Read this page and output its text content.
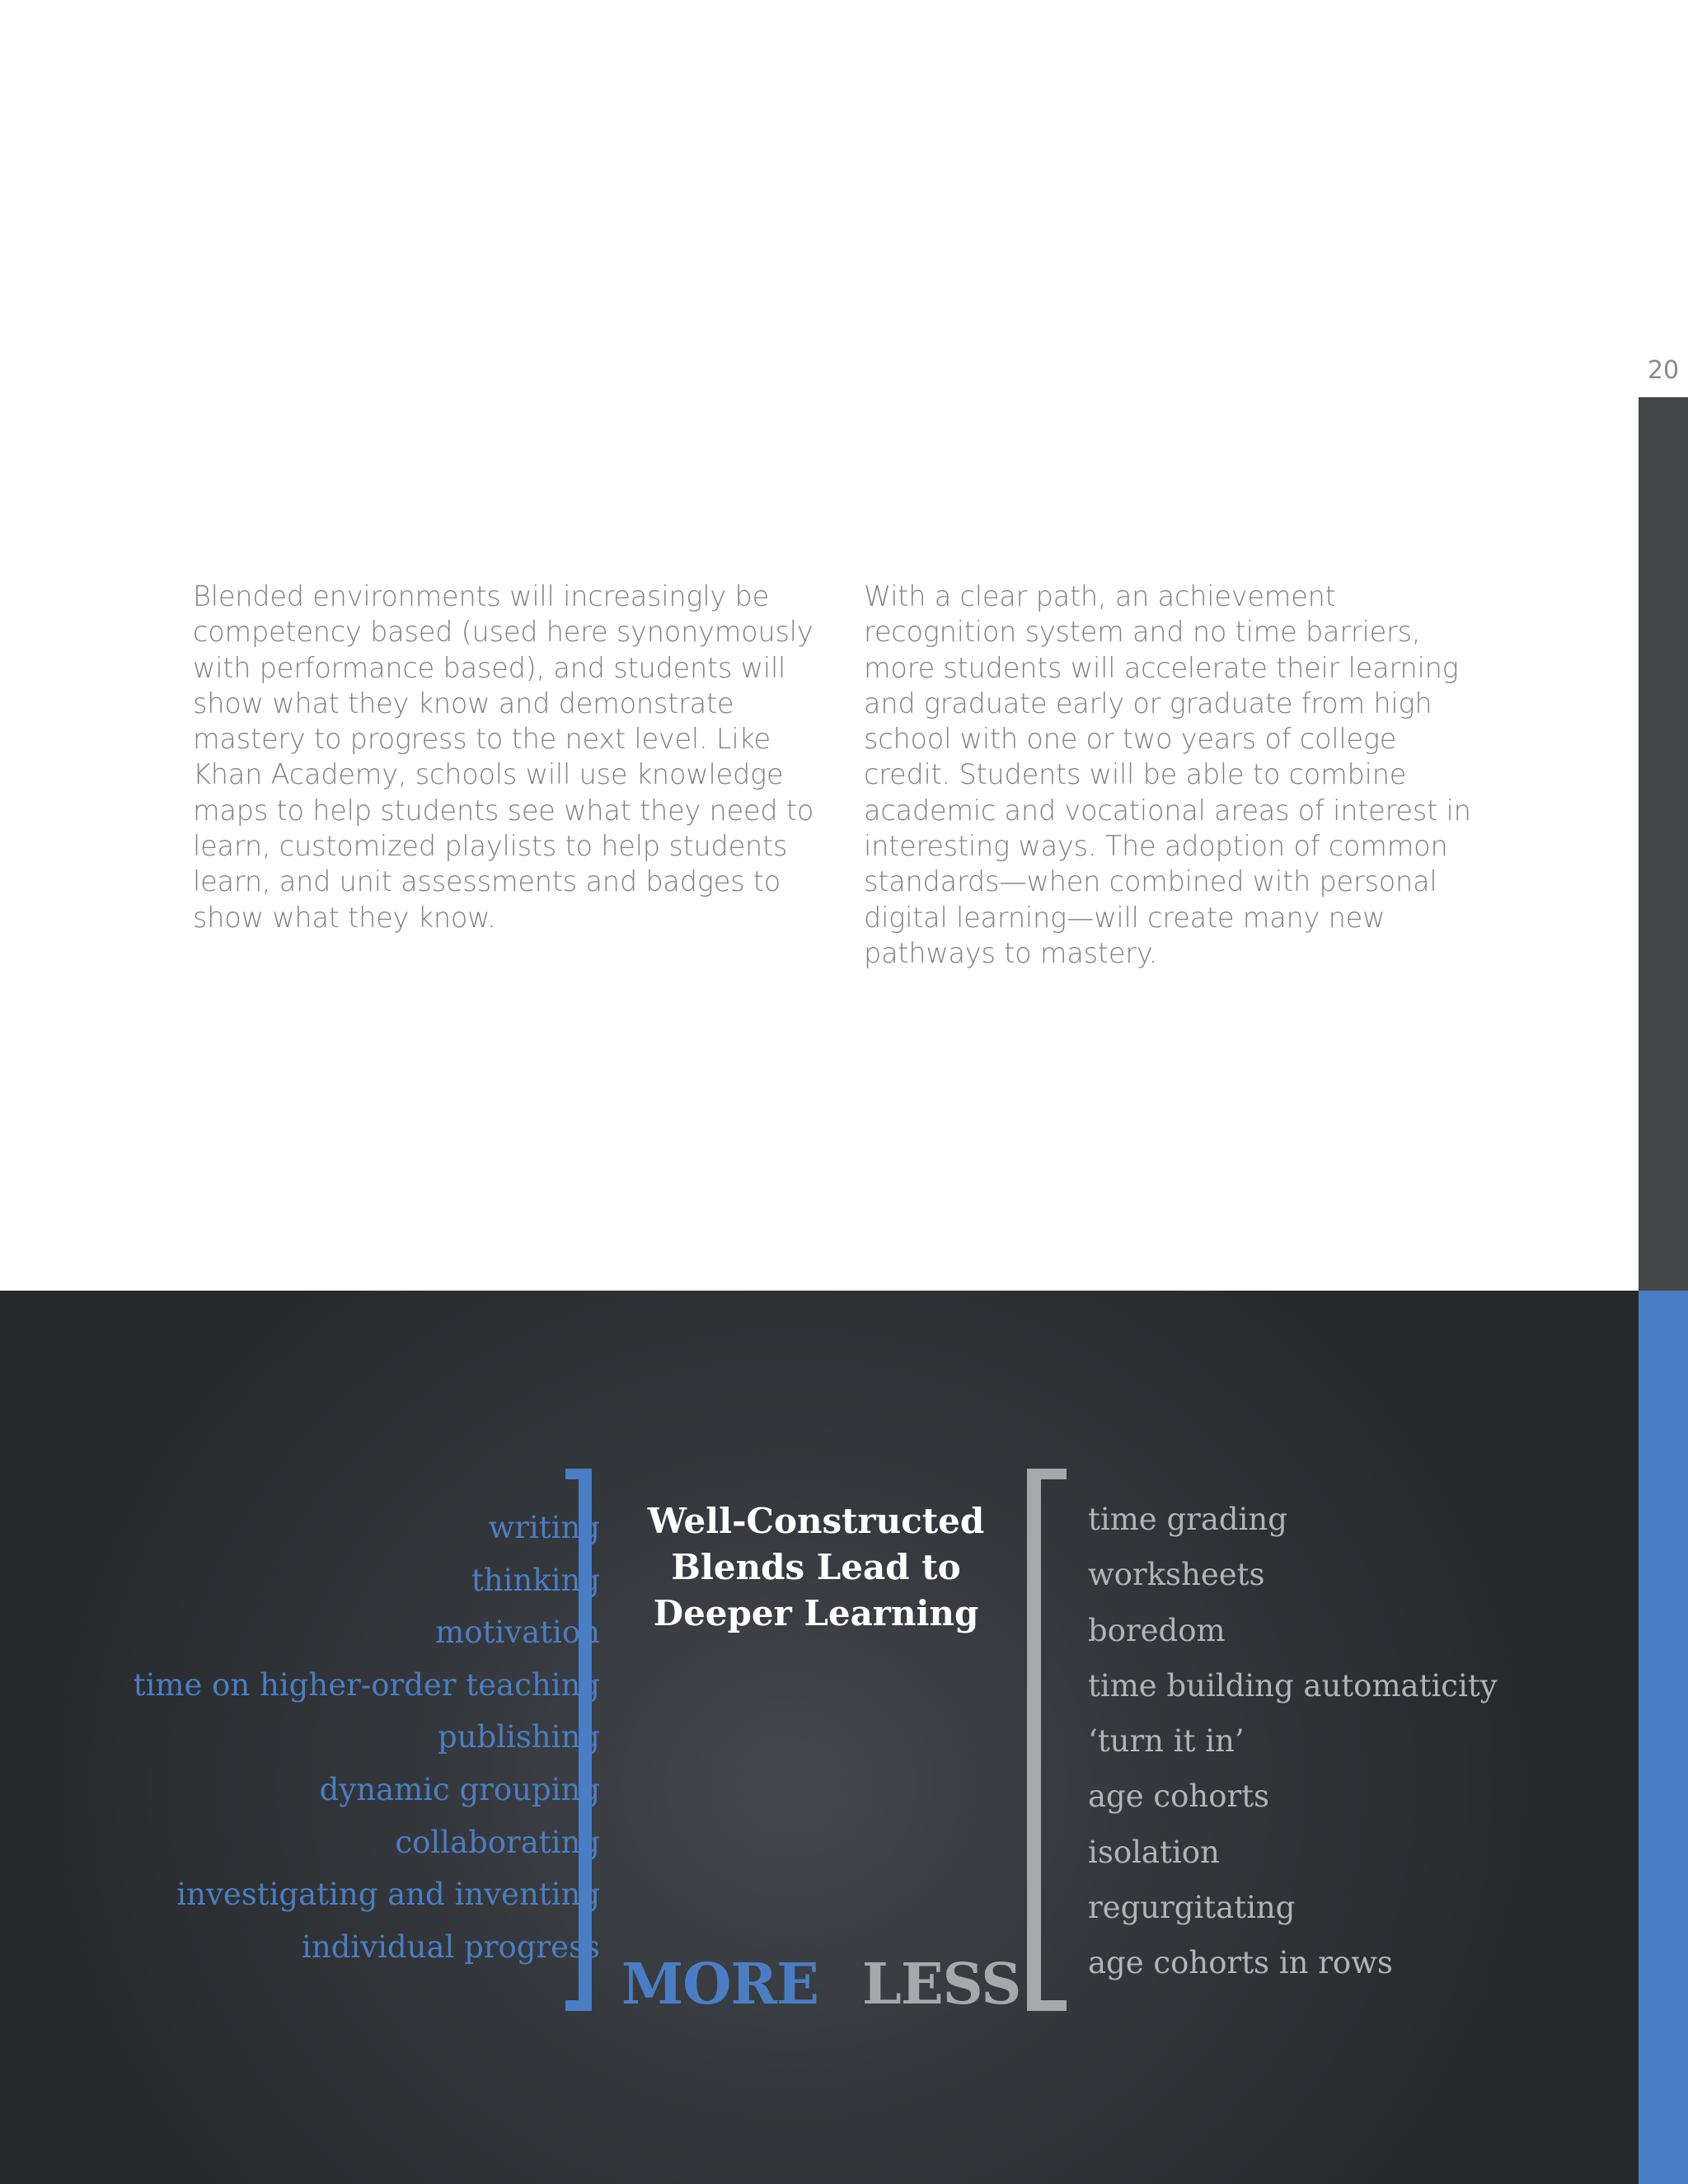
20

Blended environments will increasingly be competency based (used here synonymously with performance based), and students will show what they know and demonstrate mastery to progress to the next level. Like Khan Academy, schools will use knowledge maps to help students see what they need to learn, customized playlists to help students learn, and unit assessments and badges to show what they know.

With a clear path, an achievement recognition system and no time barriers, more students will accelerate their learning and graduate early or graduate from high school with one or two years of college credit. Students will be able to combine academic and vocational areas of interest in interesting ways. The adoption of common standards—when combined with personal digital learning—will create many new pathways to mastery.

writing
thinking
motivation
time on higher-order teaching
publishing
dynamic grouping
collaborating
investigating and inventing
individual progress
Well-Constructed
Blends Lead to
Deeper Learning
MORE LESS
time grading
worksheets
boredom
time building automaticity
‘turn it in’
age cohorts
isolation
regurgitating
age cohorts in rows
